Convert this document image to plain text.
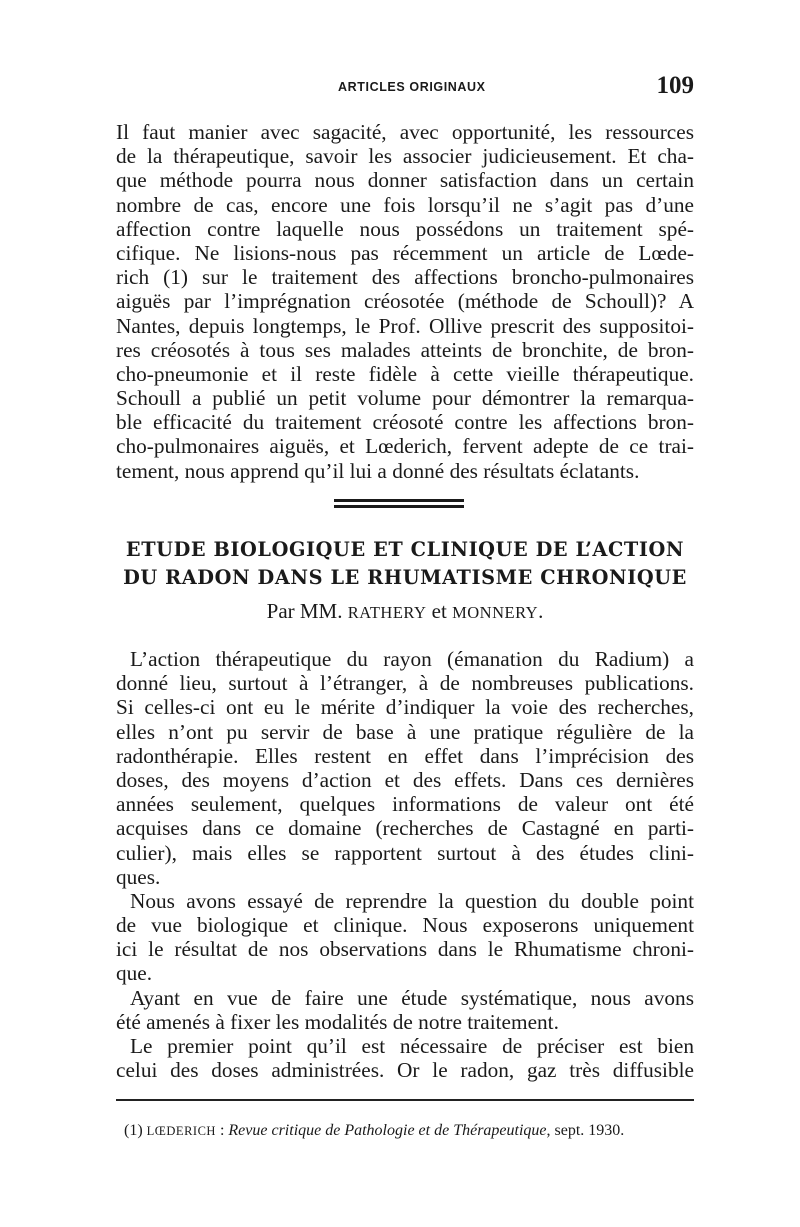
ARTICLES ORIGINAUX	109
Il faut manier avec sagacité, avec opportunité, les ressources
de la thérapeutique, savoir les associer judicieusement. Et cha-
que méthode pourra nous donner satisfaction dans un certain
nombre de cas, encore une fois lorsqu’il ne s’agit pas d’une
affection contre laquelle nous possédons un traitement spé-
cifique. Ne lisions-nous pas récemment un article de Lœde-
rich (1) sur le traitement des affections broncho-pulmonaires
aiguës par l’imprégnation créosotée (méthode de Schoull)? A
Nantes, depuis longtemps, le Prof. Ollive prescrit des suppositoi-
res créosotés à tous ses malades atteints de bronchite, de bron-
cho-pneumonie et il reste fidèle à cette vieille thérapeutique.
Schoull a publié un petit volume pour démontrer la remarqua-
ble efficacité du traitement créosoté contre les affections bron-
cho-pulmonaires aiguës, et Lœderich, fervent adepte de ce trai-
tement, nous apprend qu’il lui a donné des résultats éclatants.
ETUDE BIOLOGIQUE ET CLINIQUE DE L’ACTION
DU RADON DANS LE RHUMATISME CHRONIQUE
Par MM. RATHERY et MONNERY.
L’action thérapeutique du rayon (émanation du Radium) a
donné lieu, surtout à l’étranger, à de nombreuses publications.
Si celles-ci ont eu le mérite d’indiquer la voie des recherches,
elles n’ont pu servir de base à une pratique régulière de la
radonthérapie. Elles restent en effet dans l’imprécision des
doses, des moyens d’action et des effets. Dans ces dernières
années seulement, quelques informations de valeur ont été
acquises dans ce domaine (recherches de Castagné en parti-
culier), mais elles se rapportent surtout à des études clini-
ques.
Nous avons essayé de reprendre la question du double point
de vue biologique et clinique. Nous exposerons uniquement
ici le résultat de nos observations dans le Rhumatisme chroni-
que.
Ayant en vue de faire une étude systématique, nous avons
été amenés à fixer les modalités de notre traitement.
Le premier point qu’il est nécessaire de préciser est bien
celui des doses administrées. Or le radon, gaz très diffusible
(1) LŒDERICH : Revue critique de Pathologie et de Thérapeutique, sept. 1930.
